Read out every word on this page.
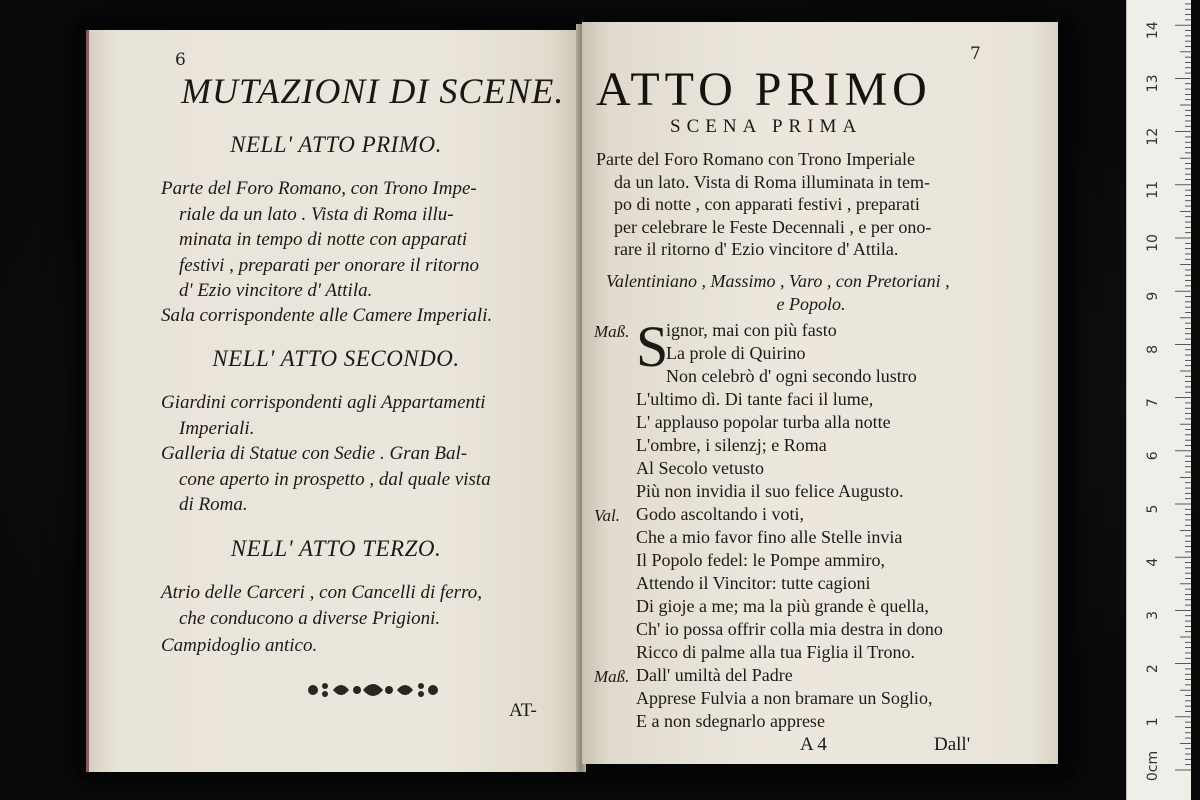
6
MUTAZIONI DI SCENE.
NELL' ATTO PRIMO.
Parte del Foro Romano, con Trono Impe-

riale da un lato . Vista di Roma illu-
minata in tempo di notte con apparati
festivi , preparati per onorare il ritorno
d' Ezio vincitore d' Attila.
Sala corrispondente alle Camere Imperiali.
NELL' ATTO SECONDO.
Giardini corrispondenti agli Appartamenti

Imperiali.
Galleria di Statue con Sedie . Gran Bal-

cone aperto in prospetto , dal quale vista
di Roma.
NELL' ATTO TERZO.
Atrio delle Carceri , con Cancelli di ferro,

che conducono a diverse Prigioni.
Campidoglio antico.
AT-
7
ATTO PRIMO
SCENA PRIMA
Parte del Foro Romano con Trono Imperiale
da un lato. Vista di Roma illuminata in tem-
po di notte , con apparati festivi , preparati
per celebrare le Feste Decennali , e per ono-
rare il ritorno d' Ezio vincitore d' Attila.
Valentiniano , Massimo , Varo , con Pretoriani ,
e Popolo.
S
Maß. ignor, mai con più fasto
La prole di Quirino
Non celebrò d' ogni secondo lustro
L'ultimo dì. Di tante faci il lume,
L' applauso popolar turba alla notte
L'ombre, i silenzj; e Roma
Al Secolo vetusto
Più non invidia il suo felice Augusto.
Val. Godo ascoltando i voti,
Che a mio favor fino alle Stelle invia
Il Popolo fedel: le Pompe ammiro,
Attendo il Vincitor: tutte cagioni
Di gioje a me; ma la più grande è quella,
Ch' io possa offrir colla mia destra in dono
Ricco di palme alla tua Figlia il Trono.
Maß. Dall' umiltà del Padre
Apprese Fulvia a non bramare un Soglio,
E a non sdegnarlo apprese
A 4	Dall'
0cm
1
2
3
4
5
6
7
8
9
10
11
12
13
14
